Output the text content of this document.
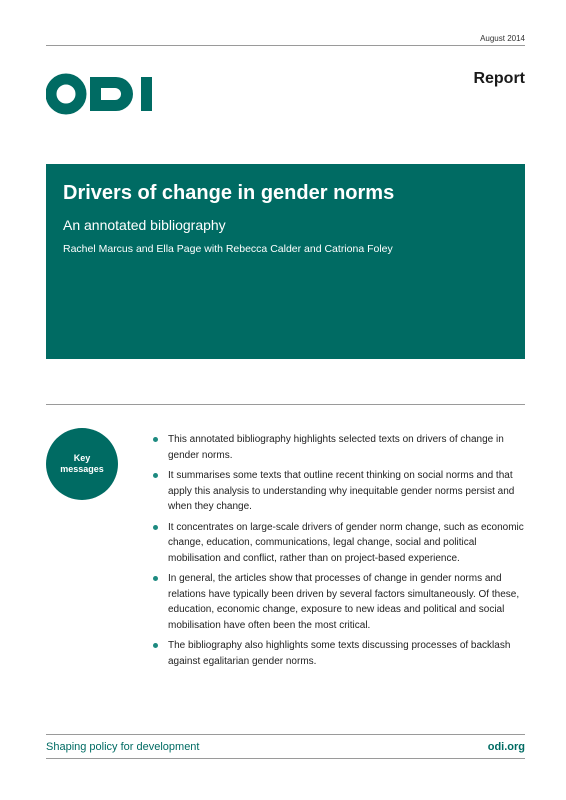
August 2014
Report
Drivers of change in gender norms
An annotated bibliography
Rachel Marcus and Ella Page with Rebecca Calder and Catriona Foley
Key
messages
This annotated bibliography highlights selected texts on drivers of change in gender norms.
It summarises some texts that outline recent thinking on social norms and that apply this analysis to understanding why inequitable gender norms persist and when they change.
It concentrates on large-scale drivers of gender norm change, such as economic change, education, communications, legal change, social and political mobilisation and conflict, rather than on project-based experience.
In general, the articles show that processes of change in gender norms and relations have typically been driven by several factors simultaneously. Of these, education, economic change, exposure to new ideas and political and social mobilisation have often been the most critical.
The bibliography also highlights some texts discussing processes of backlash against egalitarian gender norms.
Shaping policy for development	odi.org
